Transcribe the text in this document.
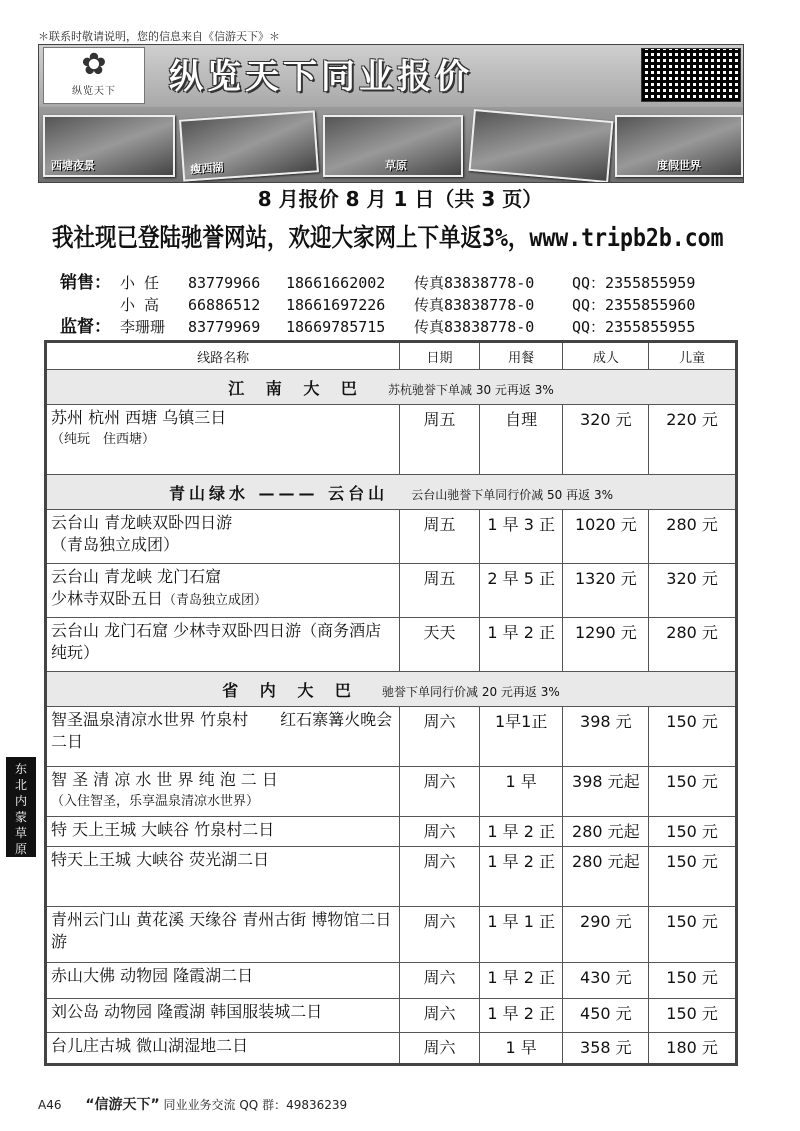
＊联系时敬请说明，您的信息来自《信游天下》＊
✿
纵览天下	纵览天下同业报价
西塘夜景	瘦西湖	草原	度假世界
8 月报价 8 月 1 日（共 3 页）
我社现已登陆驰誉网站，欢迎大家网上下单返3%，www.tripb2b.com
销售： 小 任 83779966 18661662002 传真83838778-0	QQ：2355855959
小 高 66886512 18661697226 传真83838778-0	QQ：2355855960
监督： 李珊珊 83779969 18669785715 传真83838778-0	QQ：2355855955
线路名称	日期	用餐	成人	儿童
江 南 大 巴 苏杭驰誉下单减 30 元再返 3%				

苏州 杭州 西塘 乌镇三日
（纯玩　住西塘）	周五	自理	320 元	220 元
青山绿水 ——— 云台山 云台山驰誉下单同行价减 50 再返 3%				

云台山 青龙峡双卧四日游
（青岛独立成团）	周五	1 早 3 正	1020 元	280 元

云台山 青龙峡 龙门石窟
少林寺双卧五日（青岛独立成团）	周五	2 早 5 正	1320 元	320 元

云台山 龙门石窟 少林寺双卧四日游（商务酒店　纯玩）	天天	1 早 2 正	1290 元	280 元
省 内 大 巴 驰誉下单同行价减 20 元再返 3%				

智圣温泉清凉水世界 竹泉村　　红石寨篝火晚会二日	周六	1早1正	398 元	150 元

智 圣 清 凉 水 世 界 纯 泡 二 日
（入住智圣，乐享温泉清凉水世界）	周六	1 早	398 元起	150 元

特 天上王城 大峡谷 竹泉村二日	周六	1 早 2 正	280 元起	150 元

特天上王城 大峡谷 荧光湖二日	周六	1 早 2 正	280 元起	150 元

青州云门山 黄花溪 天缘谷 青州古街 博物馆二日游	周六	1 早 1 正	290 元	150 元

赤山大佛 动物园 隆霞湖二日	周六	1 早 2 正	430 元	150 元

刘公岛 动物园 隆霞湖 韩国服装城二日	周六	1 早 2 正	450 元	150 元

台儿庄古城 微山湖湿地二日	周六	1 早	358 元	180 元
东
北
内
蒙
草
原
A46 “信游天下” 同业业务交流 QQ 群：49836239
